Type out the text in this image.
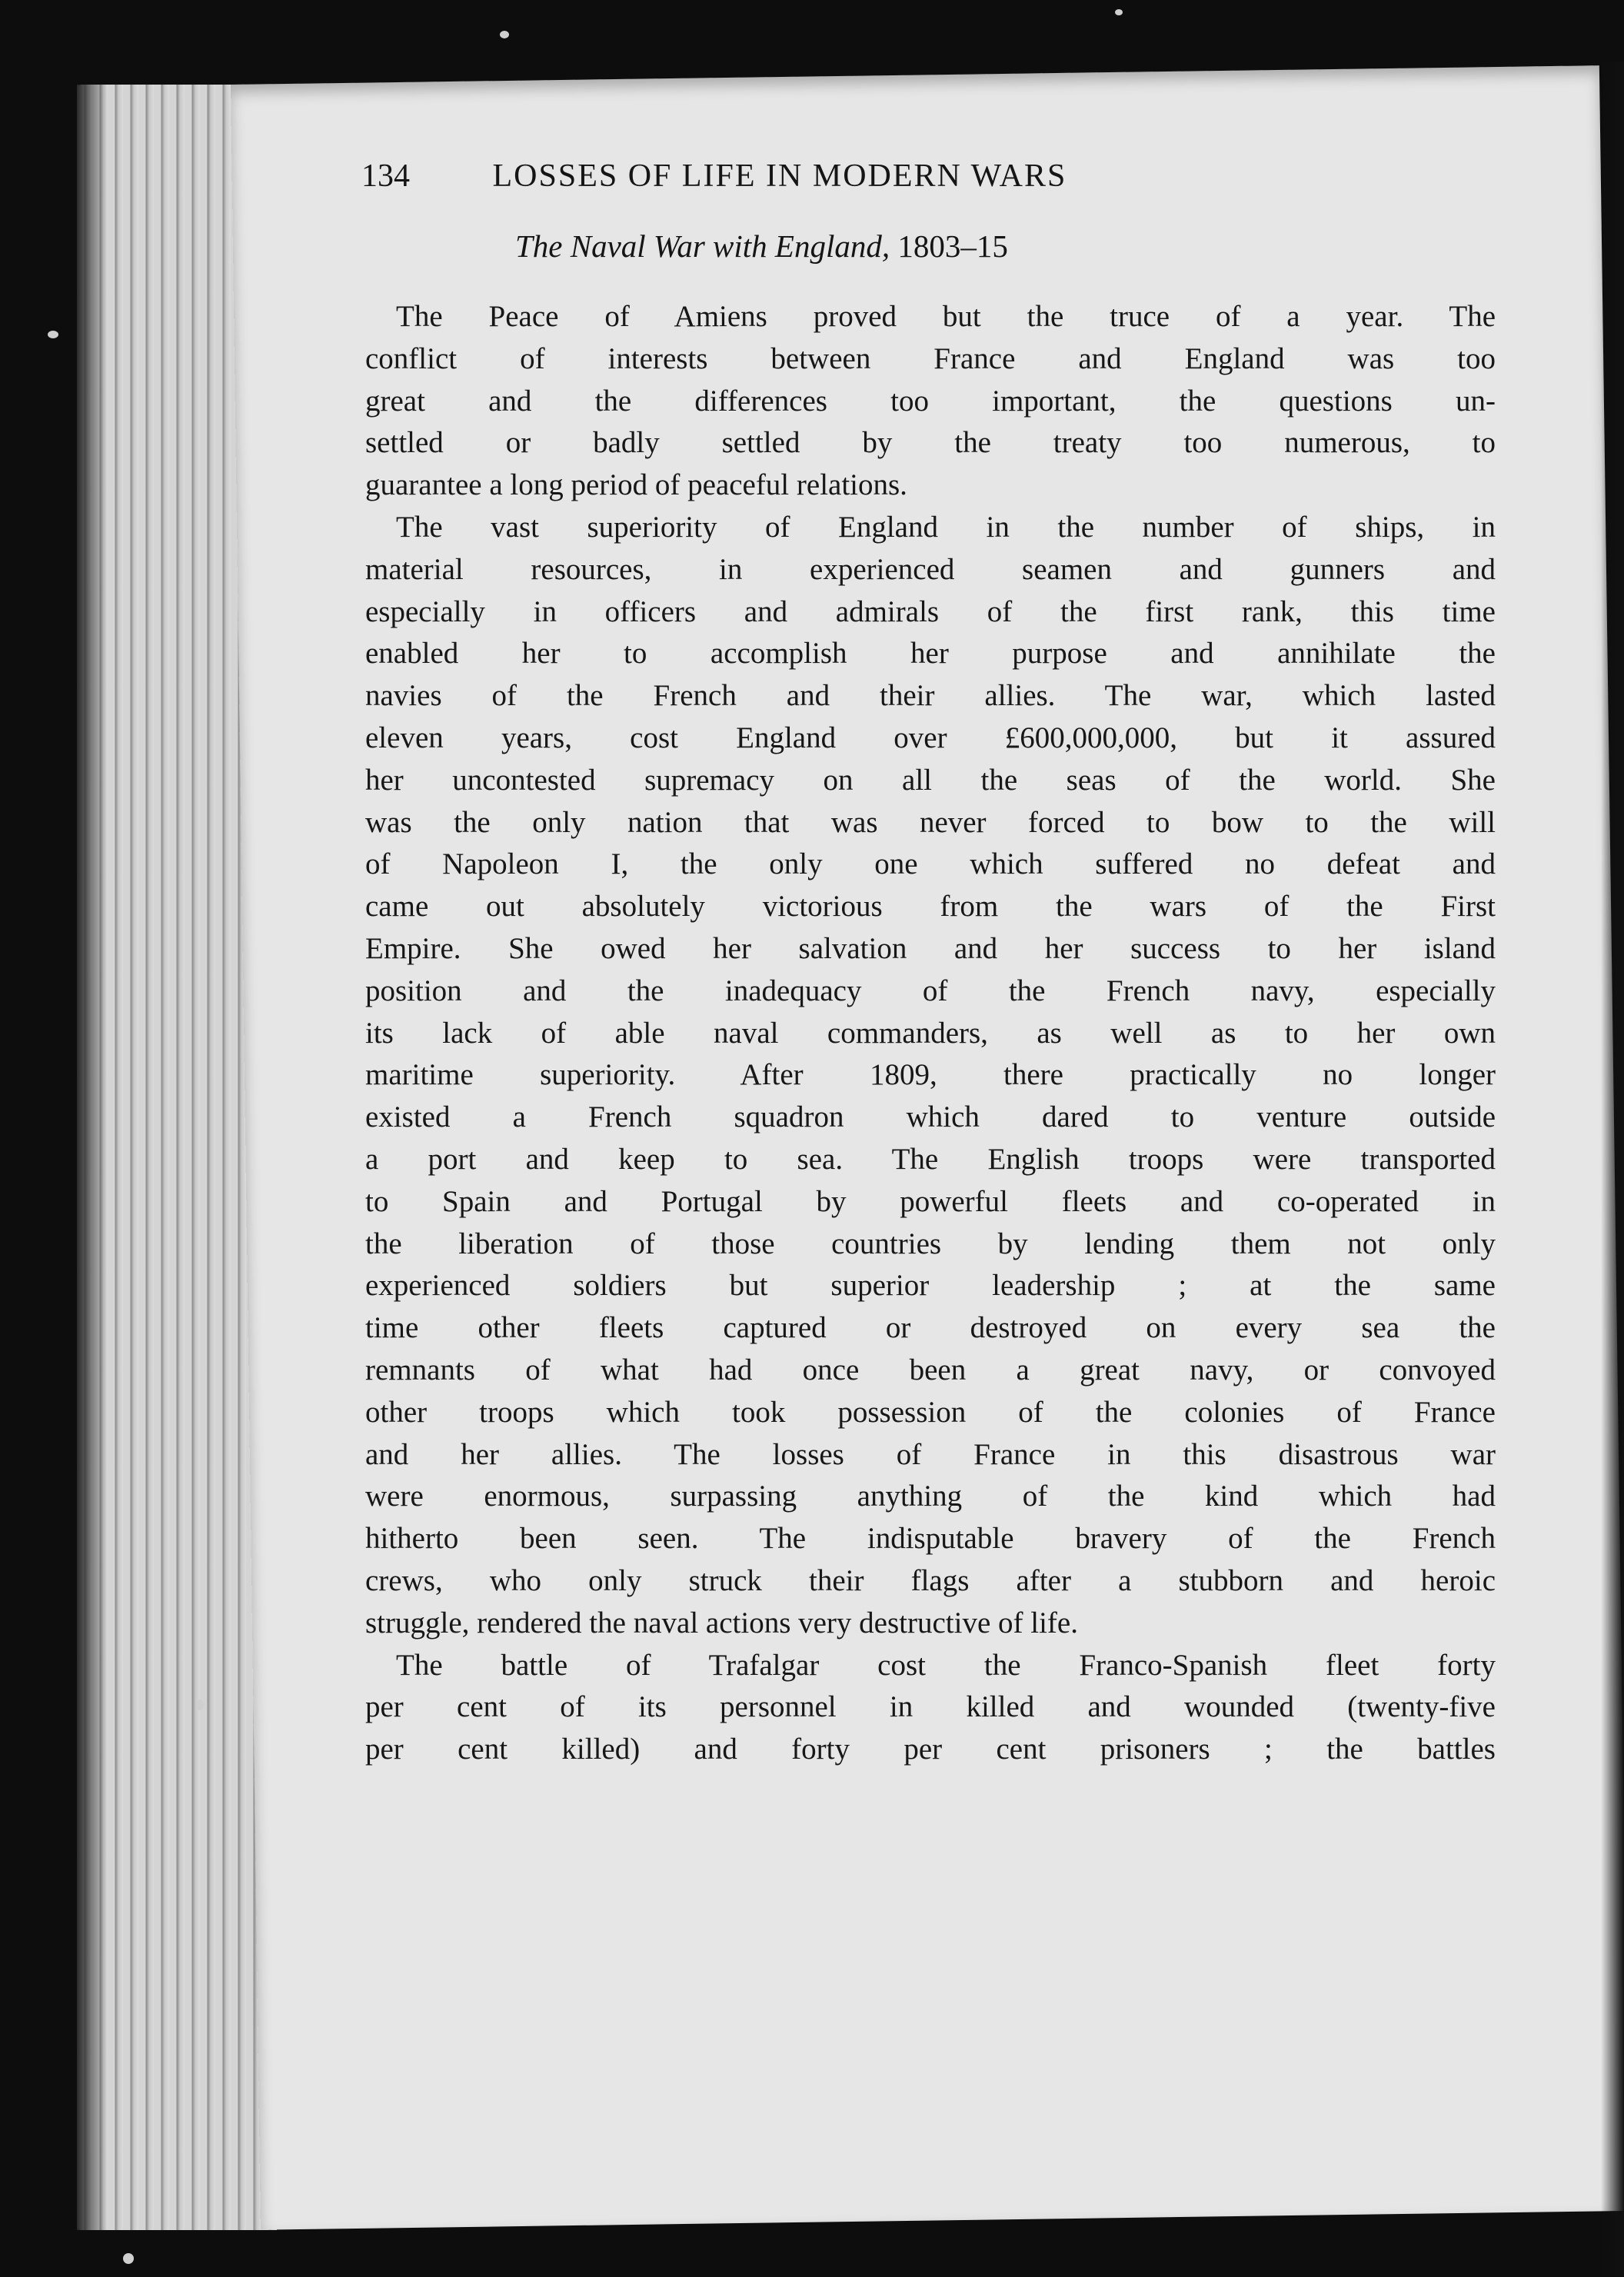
134	LOSSES OF LIFE IN MODERN WARS
The Naval War with England, 1803–15
The Peace of Amiens proved but the truce of a year. The
conflict of interests between France and England was too
great and the differences too important, the questions un-
settled or badly settled by the treaty too numerous, to
guarantee a long period of peaceful relations.
The vast superiority of England in the number of ships, in
material resources, in experienced seamen and gunners and
especially in officers and admirals of the first rank, this time
enabled her to accomplish her purpose and annihilate the
navies of the French and their allies. The war, which lasted
eleven years, cost England over £600,000,000, but it assured
her uncontested supremacy on all the seas of the world. She
was the only nation that was never forced to bow to the will
of Napoleon I, the only one which suffered no defeat and
came out absolutely victorious from the wars of the First
Empire. She owed her salvation and her success to her island
position and the inadequacy of the French navy, especially
its lack of able naval commanders, as well as to her own
maritime superiority. After 1809, there practically no longer
existed a French squadron which dared to venture outside
a port and keep to sea. The English troops were transported
to Spain and Portugal by powerful fleets and co-operated in
the liberation of those countries by lending them not only
experienced soldiers but superior leadership ; at the same
time other fleets captured or destroyed on every sea the
remnants of what had once been a great navy, or convoyed
other troops which took possession of the colonies of France
and her allies. The losses of France in this disastrous war
were enormous, surpassing anything of the kind which had
hitherto been seen. The indisputable bravery of the French
crews, who only struck their flags after a stubborn and heroic
struggle, rendered the naval actions very destructive of life.
The battle of Trafalgar cost the Franco-Spanish fleet forty
per cent of its personnel in killed and wounded (twenty-five
per cent killed) and forty per cent prisoners ; the battles
